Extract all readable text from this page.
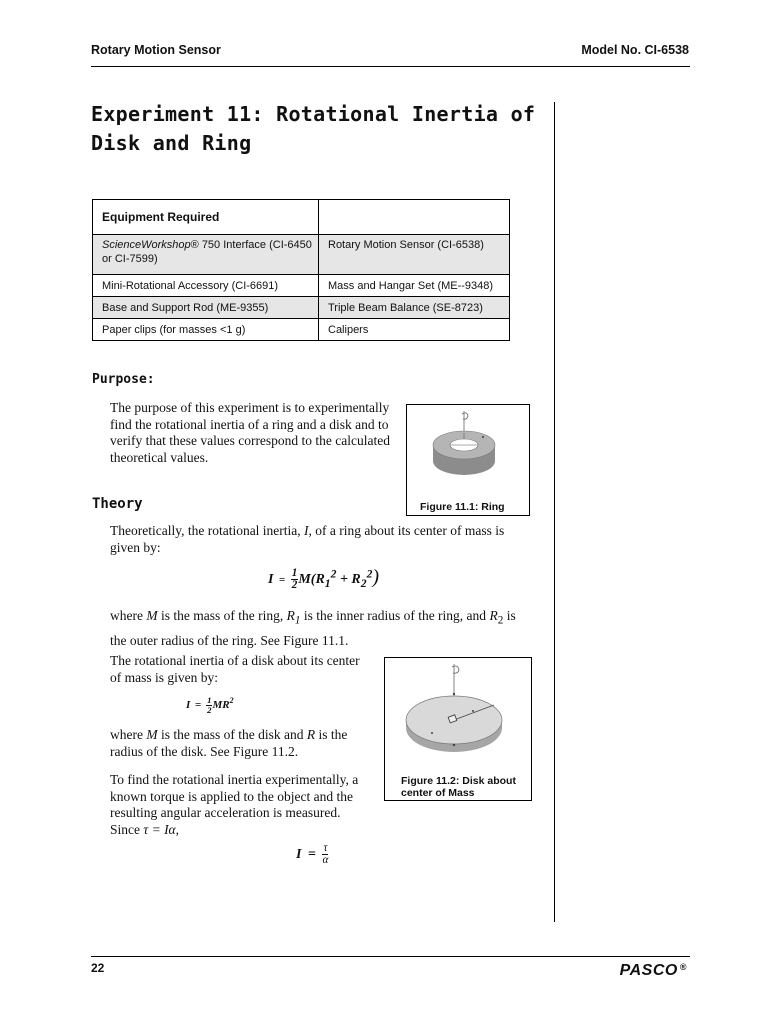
Rotary Motion Sensor	Model No. CI-6538
Experiment 11: Rotational Inertia of Disk and Ring
Equipment Required	
ScienceWorkshop® 750 Interface (CI-6450 or CI-7599)	Rotary Motion Sensor (CI-6538)
Mini-Rotational Accessory (CI-6691)	Mass and Hangar Set (ME--9348)
Base and Support Rod (ME-9355)	Triple Beam Balance (SE-8723)
Paper clips (for masses <1 g)	Calipers
Purpose:
The purpose of this experiment is to experimentally find the rotational inertia of a ring and a disk and to verify that these values correspond to the calculated theoretical values.
Figure 11.1: Ring
Theory
Theoretically, the rotational inertia, I, of a ring about its center of mass is given by:
$I = \frac{1}{2} M(R_1^2 + R_2^2)$
where M is the mass of the ring, $R_1$ is the inner radius of the ring, and $R_2$ is the outer radius of the ring. See Figure 11.1.
The rotational inertia of a disk about its center of mass is given by:
$I = \frac{1}{2} MR^2$
where M is the mass of the disk and R is the radius of the disk. See Figure 11.2.
To find the rotational inertia experimentally, a known torque is applied to the object and the resulting angular acceleration is measured. Since τ = Iα,
$I = \frac{\tau}{\alpha}$
Figure 11.2: Disk about center of Mass
22	PASCO ®
